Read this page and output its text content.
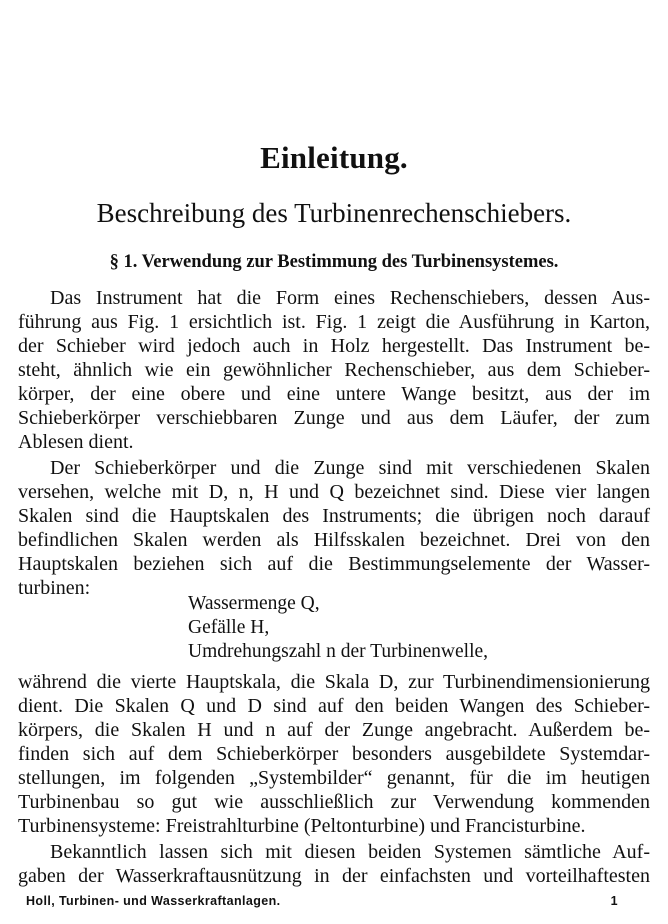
Einleitung.
Beschreibung des Turbinenrechenschiebers.
§ 1. Verwendung zur Bestimmung des Turbinensystemes.
Das Instrument hat die Form eines Rechenschiebers, dessen Aus-
führung aus Fig. 1 ersichtlich ist. Fig. 1 zeigt die Ausführung in Karton,
der Schieber wird jedoch auch in Holz hergestellt. Das Instrument be-
steht, ähnlich wie ein gewöhnlicher Rechenschieber, aus dem Schieber-
körper, der eine obere und eine untere Wange besitzt, aus der im
Schieberkörper verschiebbaren Zunge und aus dem Läufer, der zum
Ablesen dient.
Der Schieberkörper und die Zunge sind mit verschiedenen Skalen
versehen, welche mit D, n, H und Q bezeichnet sind. Diese vier langen
Skalen sind die Hauptskalen des Instruments; die übrigen noch darauf
befindlichen Skalen werden als Hilfsskalen bezeichnet. Drei von den
Hauptskalen beziehen sich auf die Bestimmungselemente der Wasser-
turbinen:
Wassermenge Q,
Gefälle H,
Umdrehungszahl n der Turbinenwelle,
während die vierte Hauptskala, die Skala D, zur Turbinendimensionierung
dient. Die Skalen Q und D sind auf den beiden Wangen des Schieber-
körpers, die Skalen H und n auf der Zunge angebracht. Außerdem be-
finden sich auf dem Schieberkörper besonders ausgebildete Systemdar-
stellungen, im folgenden „Systembilder“ genannt, für die im heutigen
Turbinenbau so gut wie ausschließlich zur Verwendung kommenden
Turbinensysteme: Freistrahlturbine (Peltonturbine) und Francisturbine.
Bekanntlich lassen sich mit diesen beiden Systemen sämtliche Auf-
gaben der Wasserkraftausnützung in der einfachsten und vorteilhaftesten
Holl, Turbinen- und Wasserkraftanlagen.	1
